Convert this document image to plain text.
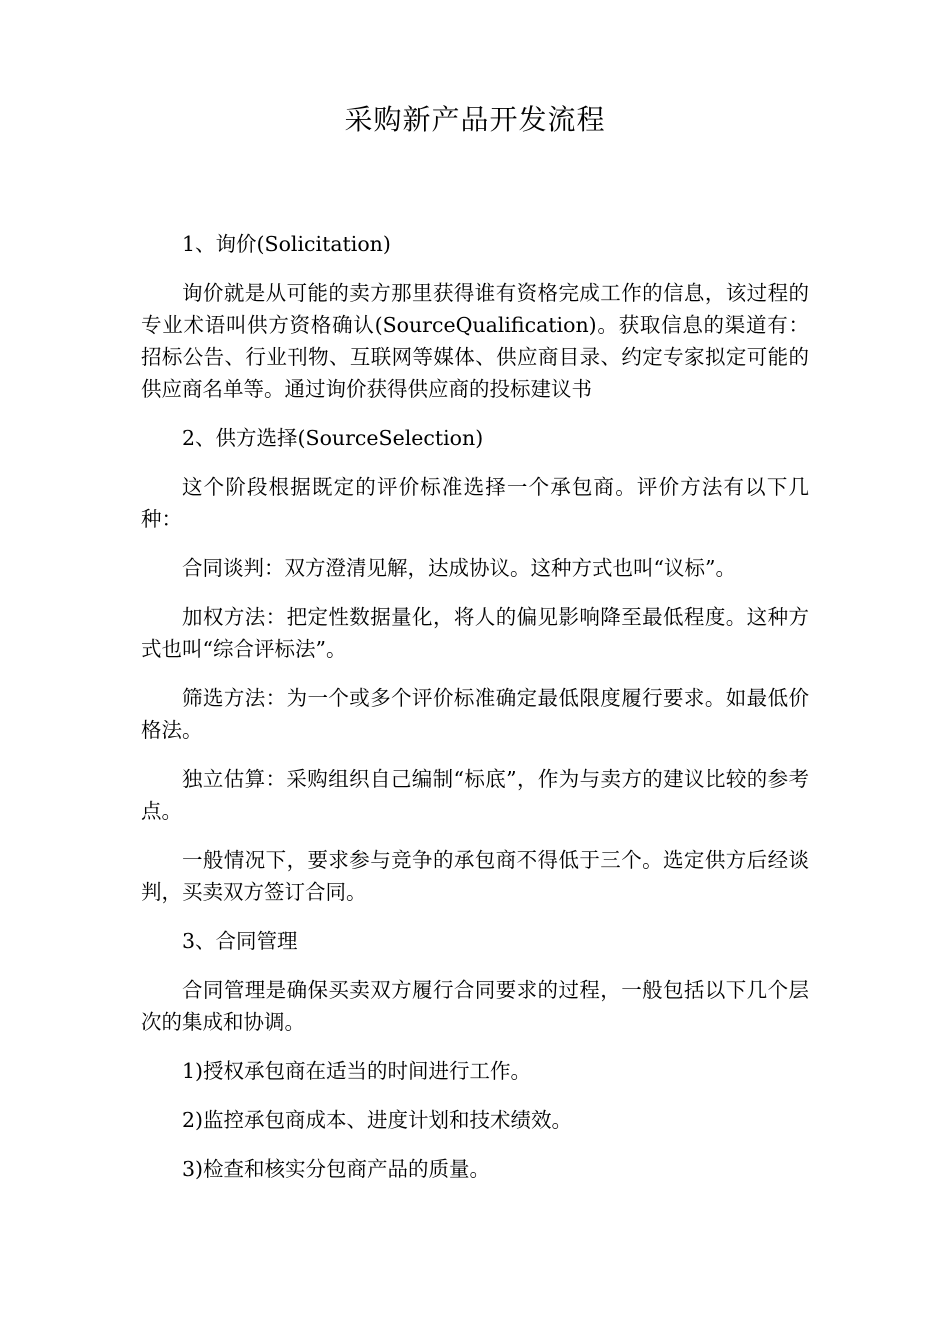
采购新产品开发流程

1、询价(Solicitation)

询价就是从可能的卖方那里获得谁有资格完成工作的信息，该过程的专业术语叫供方资格确认(SourceQualification)。获取信息的渠道有：招标公告、行业刊物、互联网等媒体、供应商目录、约定专家拟定可能的供应商名单等。通过询价获得供应商的投标建议书

2、供方选择(SourceSelection)

这个阶段根据既定的评价标准选择一个承包商。评价方法有以下几种：

合同谈判：双方澄清见解，达成协议。这种方式也叫“议标”。

加权方法：把定性数据量化，将人的偏见影响降至最低程度。这种方式也叫“综合评标法”。

筛选方法：为一个或多个评价标准确定最低限度履行要求。如最低价格法。

独立估算：采购组织自己编制“标底”，作为与卖方的建议比较的参考点。

一般情况下，要求参与竞争的承包商不得低于三个。选定供方后经谈判，买卖双方签订合同。

3、合同管理

合同管理是确保买卖双方履行合同要求的过程，一般包括以下几个层次的集成和协调。

1)授权承包商在适当的时间进行工作。

2)监控承包商成本、进度计划和技术绩效。

3)检查和核实分包商产品的质量。
